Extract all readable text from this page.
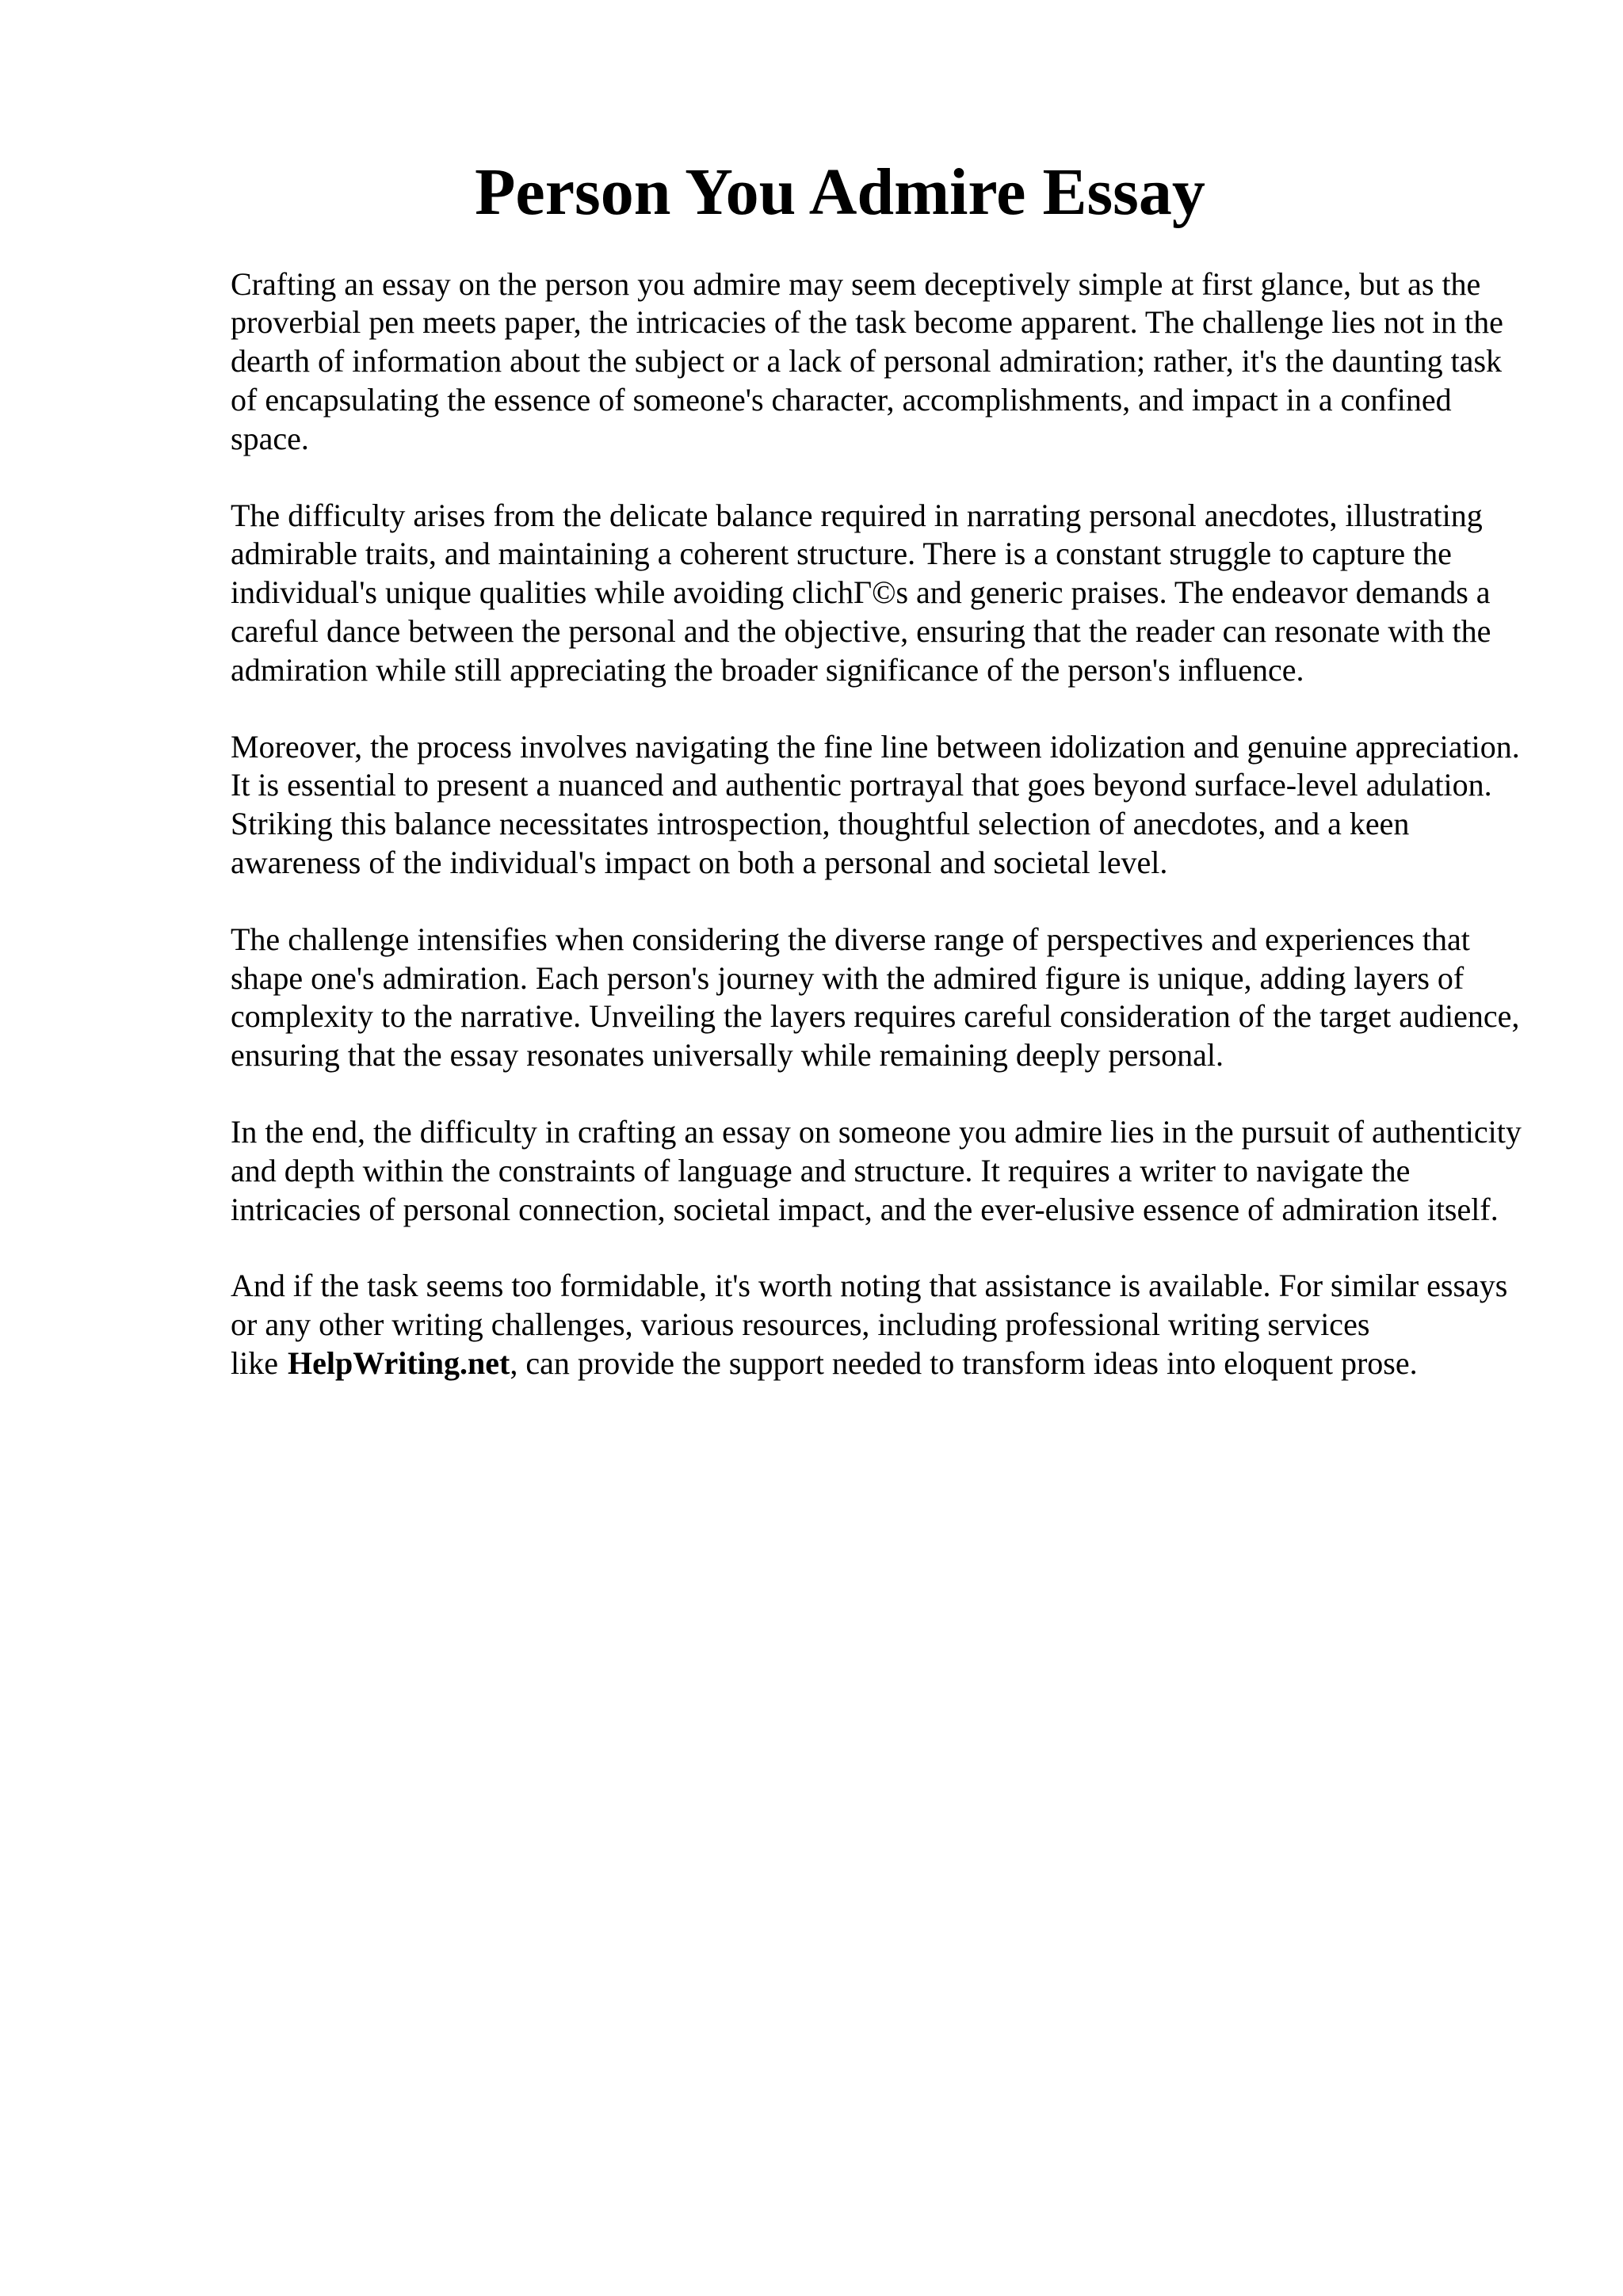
Person You Admire Essay

Crafting an essay on the person you admire may seem deceptively simple at first glance, but as the proverbial pen meets paper, the intricacies of the task become apparent. The challenge lies not in the dearth of information about the subject or a lack of personal admiration; rather, it's the daunting task of encapsulating the essence of someone's character, accomplishments, and impact in a confined space.

The difficulty arises from the delicate balance required in narrating personal anecdotes, illustrating admirable traits, and maintaining a coherent structure. There is a constant struggle to capture the individual's unique qualities while avoiding clichГ©s and generic praises. The endeavor demands a careful dance between the personal and the objective, ensuring that the reader can resonate with the admiration while still appreciating the broader significance of the person's influence.

Moreover, the process involves navigating the fine line between idolization and genuine appreciation. It is essential to present a nuanced and authentic portrayal that goes beyond surface-level adulation. Striking this balance necessitates introspection, thoughtful selection of anecdotes, and a keen awareness of the individual's impact on both a personal and societal level.

The challenge intensifies when considering the diverse range of perspectives and experiences that shape one's admiration. Each person's journey with the admired figure is unique, adding layers of complexity to the narrative. Unveiling the layers requires careful consideration of the target audience, ensuring that the essay resonates universally while remaining deeply personal.

In the end, the difficulty in crafting an essay on someone you admire lies in the pursuit of authenticity and depth within the constraints of language and structure. It requires a writer to navigate the intricacies of personal connection, societal impact, and the ever-elusive essence of admiration itself.

And if the task seems too formidable, it's worth noting that assistance is available. For similar essays or any other writing challenges, various resources, including professional writing services like HelpWriting.net, can provide the support needed to transform ideas into eloquent prose.
